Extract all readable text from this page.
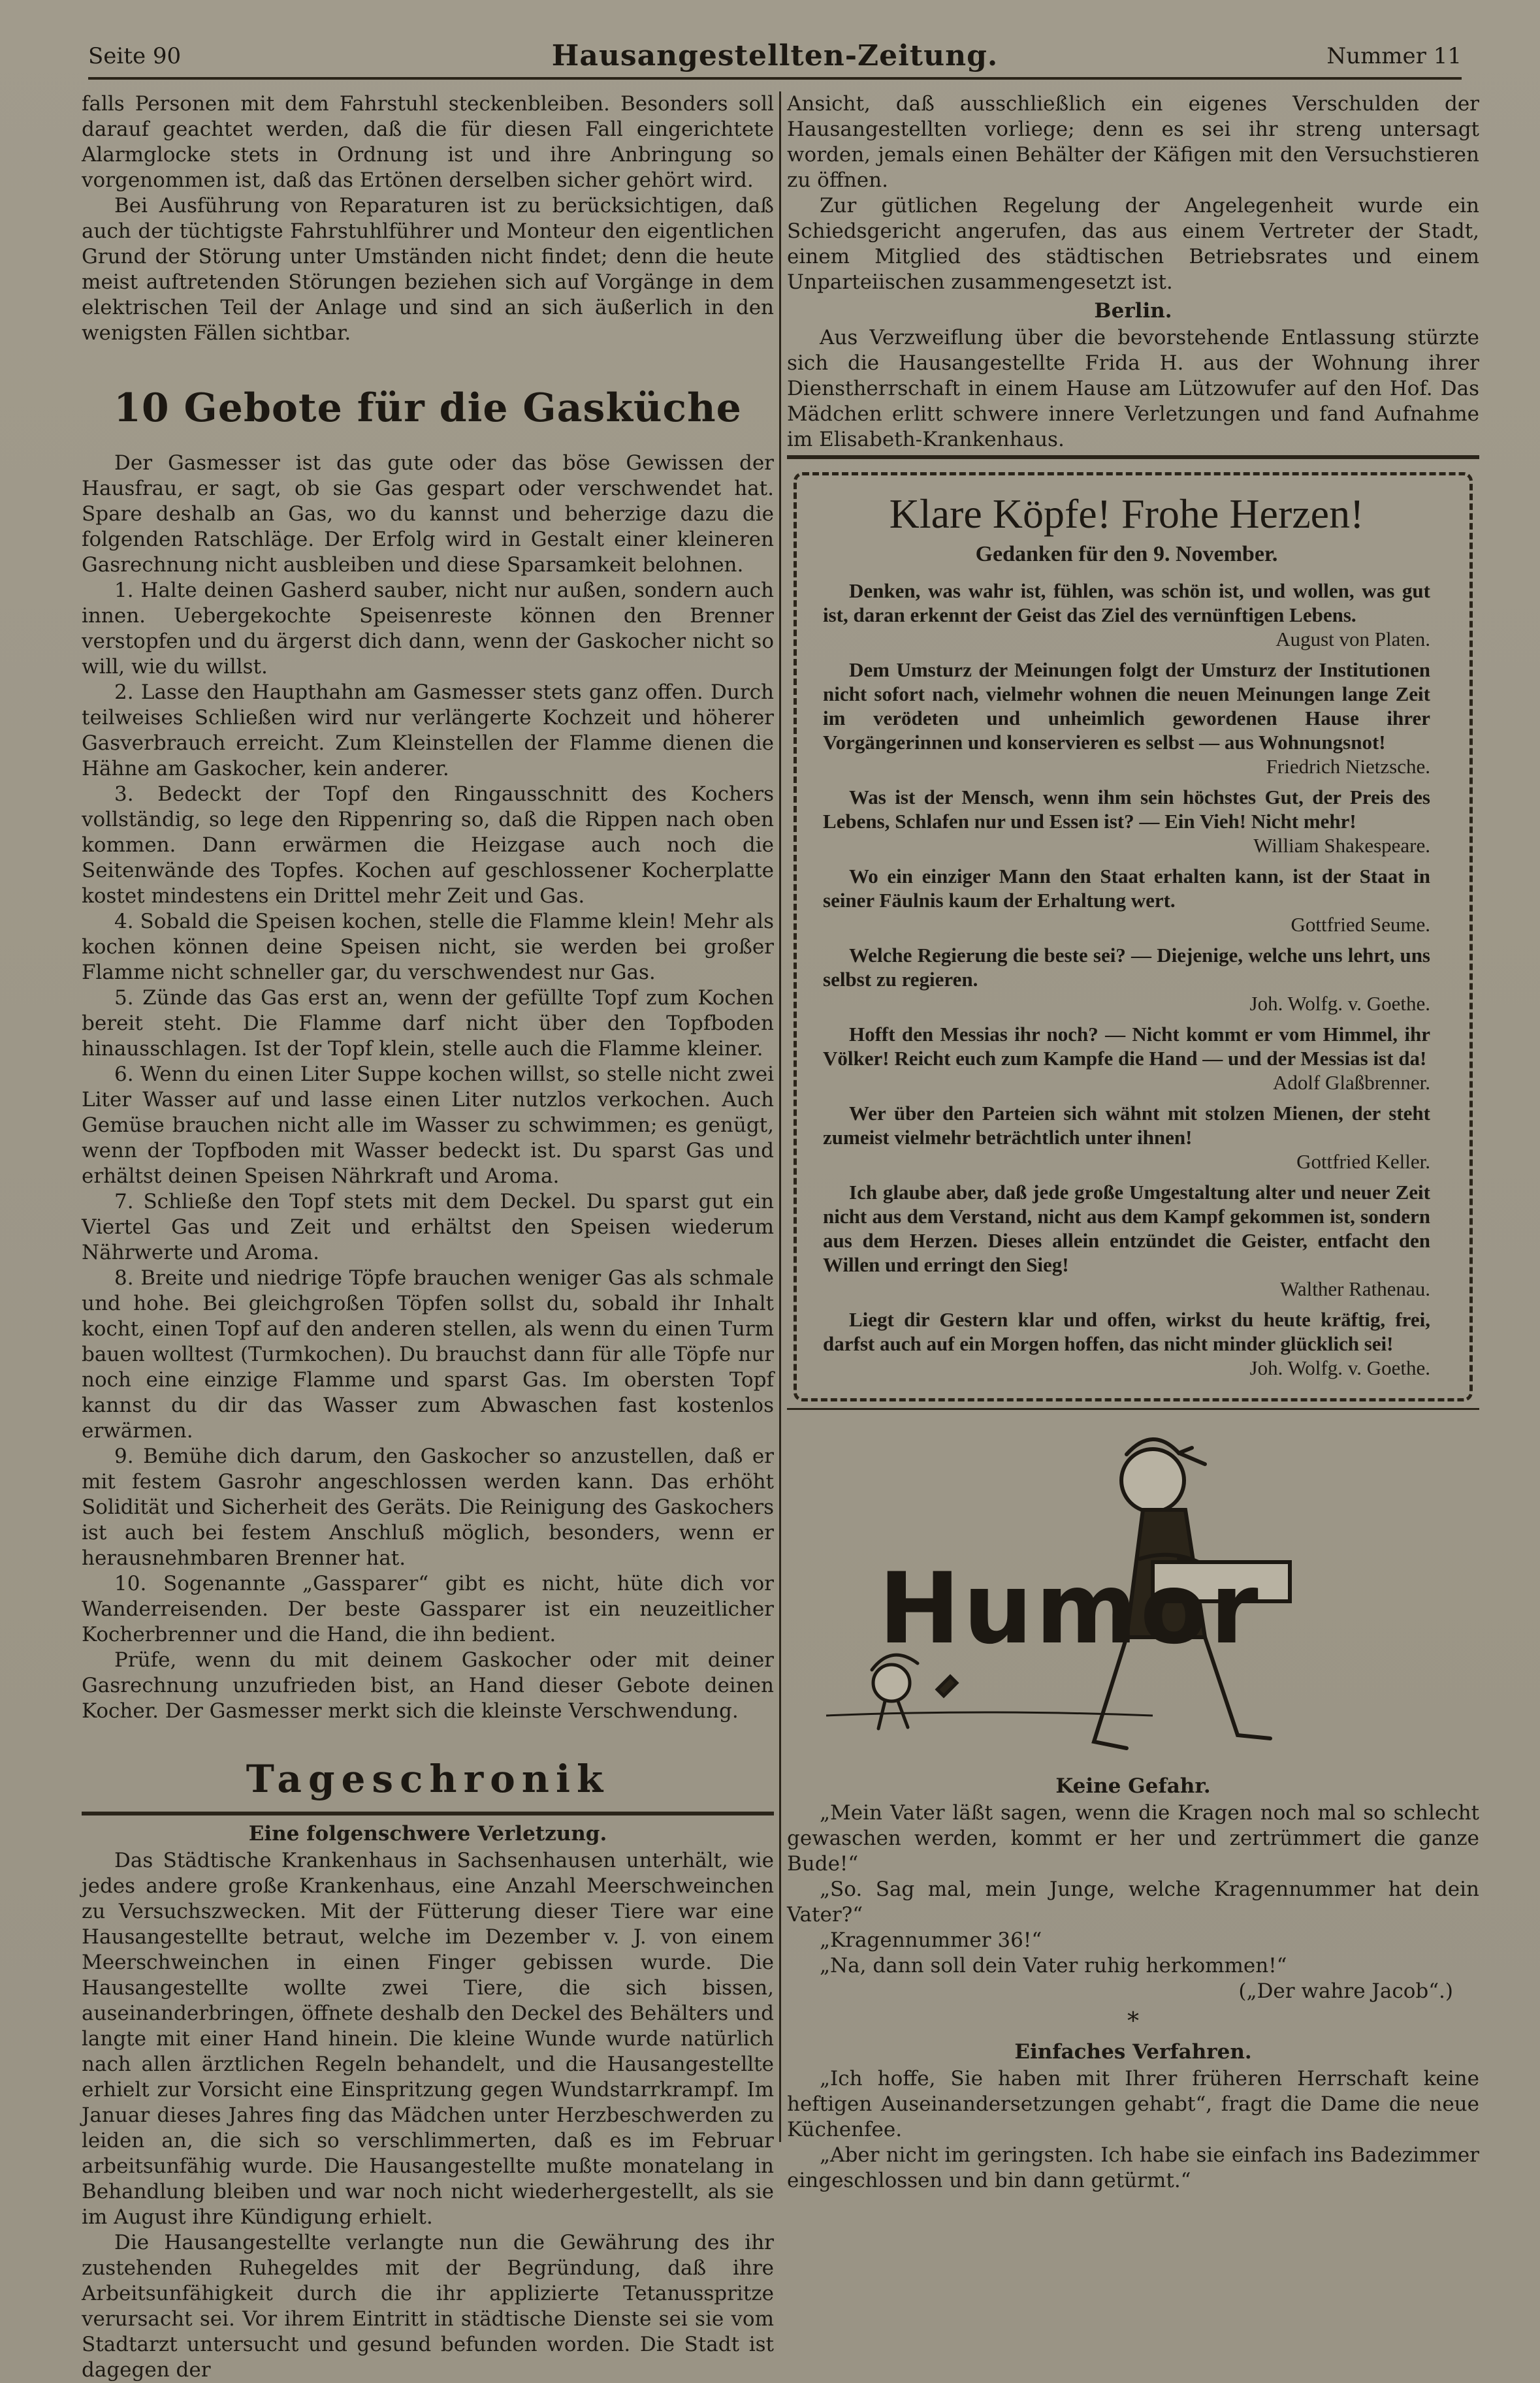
Seite 90	Hausangestellten-Zeitung.	Nummer 11

falls Personen mit dem Fahrstuhl steckenbleiben. Besonders soll darauf geachtet werden, daß die für diesen Fall eingerichtete Alarmglocke stets in Ordnung ist und ihre Anbringung so vorgenommen ist, daß das Ertönen derselben sicher gehört wird.

Bei Ausführung von Reparaturen ist zu berücksichtigen, daß auch der tüchtigste Fahrstuhlführer und Monteur den eigentlichen Grund der Störung unter Umständen nicht findet; denn die heute meist auftretenden Störungen beziehen sich auf Vorgänge in dem elektrischen Teil der Anlage und sind an sich äußerlich in den wenigsten Fällen sichtbar.

10 Gebote für die Gasküche

Der Gasmesser ist das gute oder das böse Gewissen der Hausfrau, er sagt, ob sie Gas gespart oder verschwendet hat. Spare deshalb an Gas, wo du kannst und beherzige dazu die folgenden Ratschläge. Der Erfolg wird in Gestalt einer kleineren Gasrechnung nicht ausbleiben und diese Sparsamkeit belohnen.

1. Halte deinen Gasherd sauber, nicht nur außen, sondern auch innen. Uebergekochte Speisenreste können den Brenner verstopfen und du ärgerst dich dann, wenn der Gaskocher nicht so will, wie du willst.

2. Lasse den Haupthahn am Gasmesser stets ganz offen. Durch teilweises Schließen wird nur verlängerte Kochzeit und höherer Gasverbrauch erreicht. Zum Kleinstellen der Flamme dienen die Hähne am Gaskocher, kein anderer.

3. Bedeckt der Topf den Ringausschnitt des Kochers vollständig, so lege den Rippenring so, daß die Rippen nach oben kommen. Dann erwärmen die Heizgase auch noch die Seitenwände des Topfes. Kochen auf geschlossener Kocherplatte kostet mindestens ein Drittel mehr Zeit und Gas.

4. Sobald die Speisen kochen, stelle die Flamme klein! Mehr als kochen können deine Speisen nicht, sie werden bei großer Flamme nicht schneller gar, du verschwendest nur Gas.

5. Zünde das Gas erst an, wenn der gefüllte Topf zum Kochen bereit steht. Die Flamme darf nicht über den Topfboden hinausschlagen. Ist der Topf klein, stelle auch die Flamme kleiner.

6. Wenn du einen Liter Suppe kochen willst, so stelle nicht zwei Liter Wasser auf und lasse einen Liter nutzlos verkochen. Auch Gemüse brauchen nicht alle im Wasser zu schwimmen; es genügt, wenn der Topfboden mit Wasser bedeckt ist. Du sparst Gas und erhältst deinen Speisen Nährkraft und Aroma.

7. Schließe den Topf stets mit dem Deckel. Du sparst gut ein Viertel Gas und Zeit und erhältst den Speisen wiederum Nährwerte und Aroma.

8. Breite und niedrige Töpfe brauchen weniger Gas als schmale und hohe. Bei gleichgroßen Töpfen sollst du, sobald ihr Inhalt kocht, einen Topf auf den anderen stellen, als wenn du einen Turm bauen wolltest (Turmkochen). Du brauchst dann für alle Töpfe nur noch eine einzige Flamme und sparst Gas. Im obersten Topf kannst du dir das Wasser zum Abwaschen fast kostenlos erwärmen.

9. Bemühe dich darum, den Gaskocher so anzustellen, daß er mit festem Gasrohr angeschlossen werden kann. Das erhöht Solidität und Sicherheit des Geräts. Die Reinigung des Gaskochers ist auch bei festem Anschluß möglich, besonders, wenn er herausnehmbaren Brenner hat.

10. Sogenannte „Gassparer“ gibt es nicht, hüte dich vor Wanderreisenden. Der beste Gassparer ist ein neuzeitlicher Kocherbrenner und die Hand, die ihn bedient.

Prüfe, wenn du mit deinem Gaskocher oder mit deiner Gasrechnung unzufrieden bist, an Hand dieser Gebote deinen Kocher. Der Gasmesser merkt sich die kleinste Verschwendung.

Tageschronik
Eine folgenschwere Verletzung.

Das Städtische Krankenhaus in Sachsenhausen unterhält, wie jedes andere große Krankenhaus, eine Anzahl Meerschweinchen zu Versuchszwecken. Mit der Fütterung dieser Tiere war eine Hausangestellte betraut, welche im Dezember v. J. von einem Meerschweinchen in einen Finger gebissen wurde. Die Hausangestellte wollte zwei Tiere, die sich bissen, auseinanderbringen, öffnete deshalb den Deckel des Behälters und langte mit einer Hand hinein. Die kleine Wunde wurde natürlich nach allen ärztlichen Regeln behandelt, und die Hausangestellte erhielt zur Vorsicht eine Einspritzung gegen Wundstarrkrampf. Im Januar dieses Jahres fing das Mädchen unter Herzbeschwerden zu leiden an, die sich so verschlimmerten, daß es im Februar arbeitsunfähig wurde. Die Hausangestellte mußte monatelang in Behandlung bleiben und war noch nicht wiederhergestellt, als sie im August ihre Kündigung erhielt.

Die Hausangestellte verlangte nun die Gewährung des ihr zustehenden Ruhegeldes mit der Begründung, daß ihre Arbeitsunfähigkeit durch die ihr applizierte Tetanusspritze verursacht sei. Vor ihrem Eintritt in städtische Dienste sei sie vom Stadtarzt untersucht und gesund befunden worden. Die Stadt ist dagegen der

Ansicht, daß ausschließlich ein eigenes Verschulden der Hausangestellten vorliege; denn es sei ihr streng untersagt worden, jemals einen Behälter der Käfigen mit den Versuchstieren zu öffnen.

Zur gütlichen Regelung der Angelegenheit wurde ein Schiedsgericht angerufen, das aus einem Vertreter der Stadt, einem Mitglied des städtischen Betriebsrates und einem Unparteiischen zusammengesetzt ist.

Berlin.

Aus Verzweiflung über die bevorstehende Entlassung stürzte sich die Hausangestellte Frida H. aus der Wohnung ihrer Dienstherrschaft in einem Hause am Lützowufer auf den Hof. Das Mädchen erlitt schwere innere Verletzungen und fand Aufnahme im Elisabeth-Krankenhaus.

Klare Köpfe! Frohe Herzen!
Gedanken für den 9. November.

Denken, was wahr ist, fühlen, was schön ist, und wollen, was gut ist, daran erkennt der Geist das Ziel des vernünftigen Lebens.
August von Platen.

Dem Umsturz der Meinungen folgt der Umsturz der Institutionen nicht sofort nach, vielmehr wohnen die neuen Meinungen lange Zeit im verödeten und unheimlich gewordenen Hause ihrer Vorgängerinnen und konservieren es selbst — aus Wohnungsnot!
Friedrich Nietzsche.

Was ist der Mensch, wenn ihm sein höchstes Gut, der Preis des Lebens, Schlafen nur und Essen ist? — Ein Vieh! Nicht mehr!
William Shakespeare.

Wo ein einziger Mann den Staat erhalten kann, ist der Staat in seiner Fäulnis kaum der Erhaltung wert.
Gottfried Seume.

Welche Regierung die beste sei? — Diejenige, welche uns lehrt, uns selbst zu regieren.
Joh. Wolfg. v. Goethe.

Hofft den Messias ihr noch? — Nicht kommt er vom Himmel, ihr Völker! Reicht euch zum Kampfe die Hand — und der Messias ist da!
Adolf Glaßbrenner.

Wer über den Parteien sich wähnt mit stolzen Mienen, der steht zumeist vielmehr beträchtlich unter ihnen!
Gottfried Keller.

Ich glaube aber, daß jede große Umgestaltung alter und neuer Zeit nicht aus dem Verstand, nicht aus dem Kampf gekommen ist, sondern aus dem Herzen. Dieses allein entzündet die Geister, entfacht den Willen und erringt den Sieg!
Walther Rathenau.

Liegt dir Gestern klar und offen, wirkst du heute kräftig, frei, darfst auch auf ein Morgen hoffen, das nicht minder glücklich sei!
Joh. Wolfg. v. Goethe.

Humor
Keine Gefahr.

„Mein Vater läßt sagen, wenn die Kragen noch mal so schlecht gewaschen werden, kommt er her und zertrümmert die ganze Bude!“

„So. Sag mal, mein Junge, welche Kragennummer hat dein Vater?“

„Kragennummer 36!“

„Na, dann soll dein Vater ruhig herkommen!“

(„Der wahre Jacob“.)

*
Einfaches Verfahren.

„Ich hoffe, Sie haben mit Ihrer früheren Herrschaft keine heftigen Auseinandersetzungen gehabt“, fragt die Dame die neue Küchenfee.

„Aber nicht im geringsten. Ich habe sie einfach ins Badezimmer eingeschlossen und bin dann getürmt.“
